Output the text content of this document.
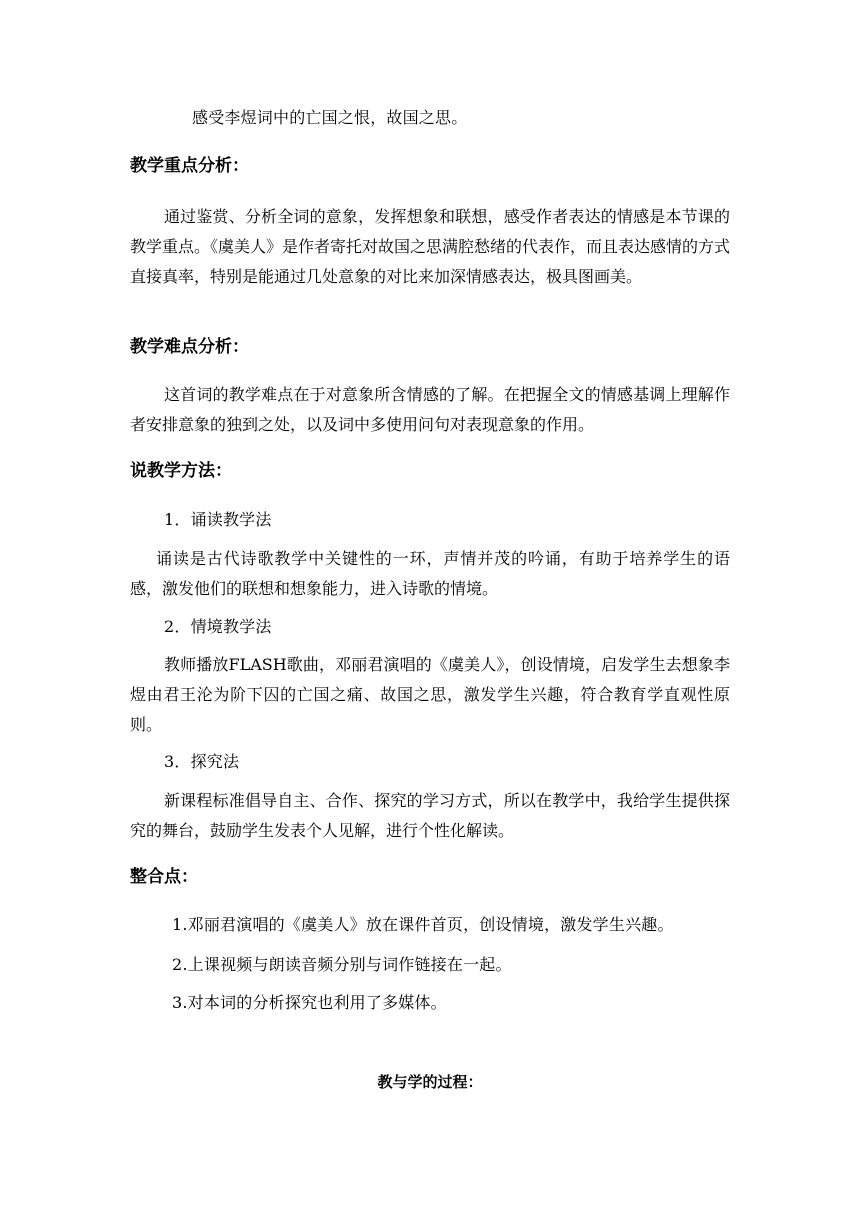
感受李煜词中的亡国之恨，故国之思。
教学重点分析：
通过鉴赏、分析全词的意象，发挥想象和联想，感受作者表达的情感是本节课的教学重点。《虞美人》是作者寄托对故国之思满腔愁绪的代表作，而且表达感情的方式直接真率，特别是能通过几处意象的对比来加深情感表达，极具图画美。
教学难点分析：
这首词的教学难点在于对意象所含情感的了解。在把握全文的情感基调上理解作者安排意象的独到之处，以及词中多使用问句对表现意象的作用。
说教学方法：
1．诵读教学法
诵读是古代诗歌教学中关键性的一环，声情并茂的吟诵，有助于培养学生的语感，激发他们的联想和想象能力，进入诗歌的情境。
2．情境教学法
教师播放FLASH歌曲，邓丽君演唱的《虞美人》，创设情境，启发学生去想象李煜由君王沦为阶下囚的亡国之痛、故国之思，激发学生兴趣，符合教育学直观性原则。
3．探究法
新课程标准倡导自主、合作、探究的学习方式，所以在教学中，我给学生提供探究的舞台，鼓励学生发表个人见解，进行个性化解读。
整合点：
1.邓丽君演唱的《虞美人》放在课件首页，创设情境，激发学生兴趣。
2.上课视频与朗读音频分别与词作链接在一起。
3.对本词的分析探究也利用了多媒体。
教与学的过程：
